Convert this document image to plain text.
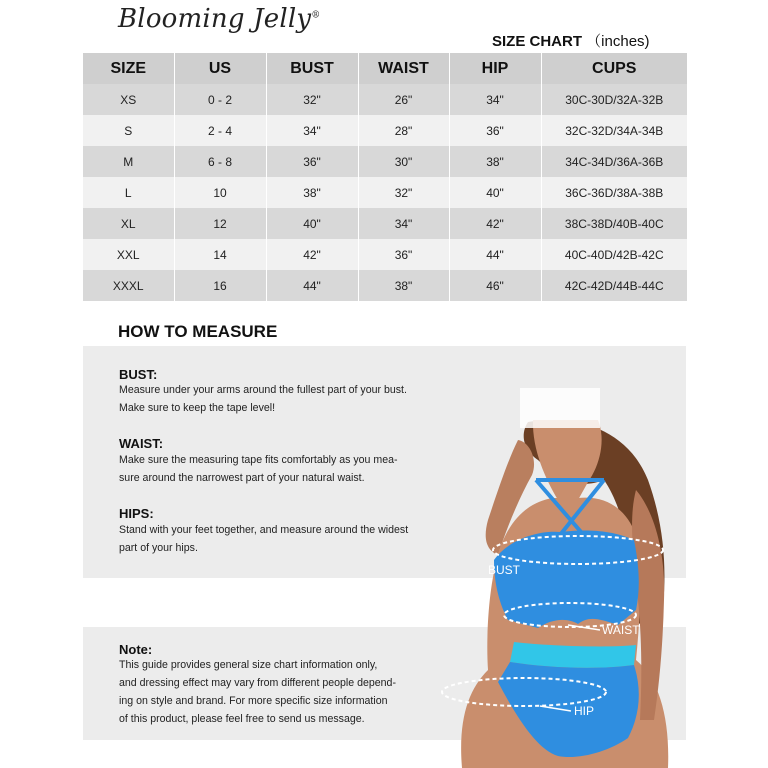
Blooming Jelly®
SIZE CHART （inches)
SIZE	US	BUST	WAIST	HIP	CUPS
XS	0 - 2	32"	26"	34"	30C-30D/32A-32B
S	2 - 4	34"	28"	36"	32C-32D/34A-34B
M	6 - 8	36"	30"	38"	34C-34D/36A-36B
L	10	38"	32"	40"	36C-36D/38A-38B
XL	12	40"	34"	42"	38C-38D/40B-40C
XXL	14	42"	36"	44"	40C-40D/42B-42C
XXXL	16	44"	38"	46"	42C-42D/44B-44C
HOW TO MEASURE
BUST:
Measure under your arms around the fullest part of your bust.
Make sure to keep the tape level!
WAIST:
Make sure the measuring tape fits comfortably as you mea-
sure around the narrowest part of your natural waist.
HIPS:
Stand with your feet together, and measure around the widest
part of your hips.
Note:
This guide provides general size chart information only,
and dressing effect may vary from different people depend-
ing on style and brand. For more specific size information
of this product, please feel free to send us message.
BUST
WAIST
HIP
